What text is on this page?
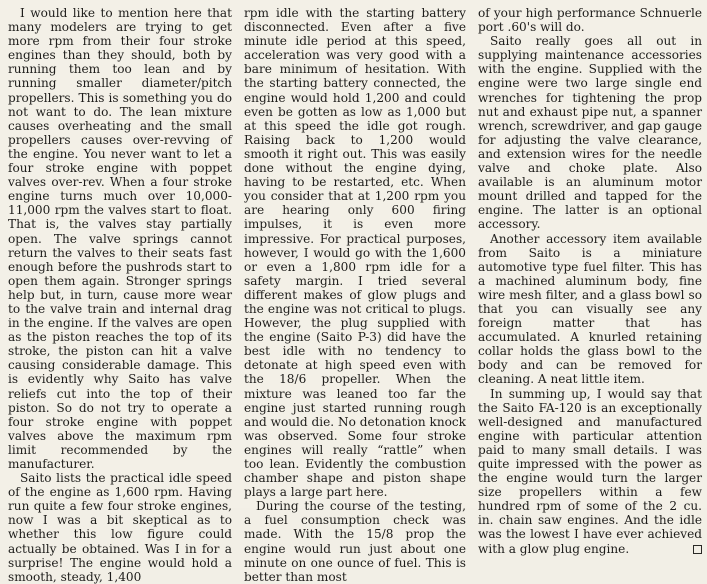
I would like to mention here that many modelers are trying to get more rpm from their four stroke engines than they should, both by running them too lean and by running smaller diameter/pitch propellers. This is something you do not want to do. The lean mixture causes overheating and the small propellers causes over-revving of the engine. You never want to let a four stroke engine with poppet valves over-rev. When a four stroke engine turns much over 10,000-11,000 rpm the valves start to float. That is, the valves stay partially open. The valve springs cannot return the valves to their seats fast enough before the pushrods start to open them again. Stronger springs help but, in turn, cause more wear to the valve train and internal drag in the engine. If the valves are open as the piston reaches the top of its stroke, the piston can hit a valve causing considerable damage. This is evidently why Saito has valve reliefs cut into the top of their piston. So do not try to operate a four stroke engine with poppet valves above the maximum rpm limit recommended by the manufacturer.

Saito lists the practical idle speed of the engine as 1,600 rpm. Having run quite a few four stroke engines, now I was a bit skeptical as to whether this low figure could actually be obtained. Was I in for a surprise! The engine would hold a smooth, steady, 1,400

rpm idle with the starting battery disconnected. Even after a five minute idle period at this speed, acceleration was very good with a bare minimum of hesitation. With the starting battery connected, the engine would hold 1,200 and could even be gotten as low as 1,000 but at this speed the idle got rough. Raising back to 1,200 would smooth it right out. This was easily done without the engine dying, having to be restarted, etc. When you consider that at 1,200 rpm you are hearing only 600 firing impulses, it is even more impressive. For practical purposes, however, I would go with the 1,600 or even a 1,800 rpm idle for a safety margin. I tried several different makes of glow plugs and the engine was not critical to plugs. However, the plug supplied with the engine (Saito P-3) did have the best idle with no tendency to detonate at high speed even with the 18/6 propeller. When the mixture was leaned too far the engine just started running rough and would die. No detonation knock was observed. Some four stroke engines will really “rattle” when too lean. Evidently the combustion chamber shape and piston shape plays a large part here.

During the course of the testing, a fuel consumption check was made. With the 15/8 prop the engine would run just about one minute on one ounce of fuel. This is better than most

of your high performance Schnuerle port .60's will do.

Saito really goes all out in supplying maintenance accessories with the engine. Supplied with the engine were two large single end wrenches for tightening the prop nut and exhaust pipe nut, a spanner wrench, screwdriver, and gap gauge for adjusting the valve clearance, and extension wires for the needle valve and choke plate. Also available is an aluminum motor mount drilled and tapped for the engine. The latter is an optional accessory.

Another accessory item available from Saito is a miniature automotive type fuel filter. This has a machined aluminum body, fine wire mesh filter, and a glass bowl so that you can visually see any foreign matter that has accumulated. A knurled retaining collar holds the glass bowl to the body and can be removed for cleaning. A neat little item.

In summing up, I would say that the Saito FA-120 is an exceptionally well-designed and manufactured engine with particular attention paid to many small details. I was quite impressed with the power as the engine would turn the larger size propellers within a few hundred rpm of some of the 2 cu. in. chain saw engines. And the idle was the lowest I have ever achieved with a glow plug engine.
